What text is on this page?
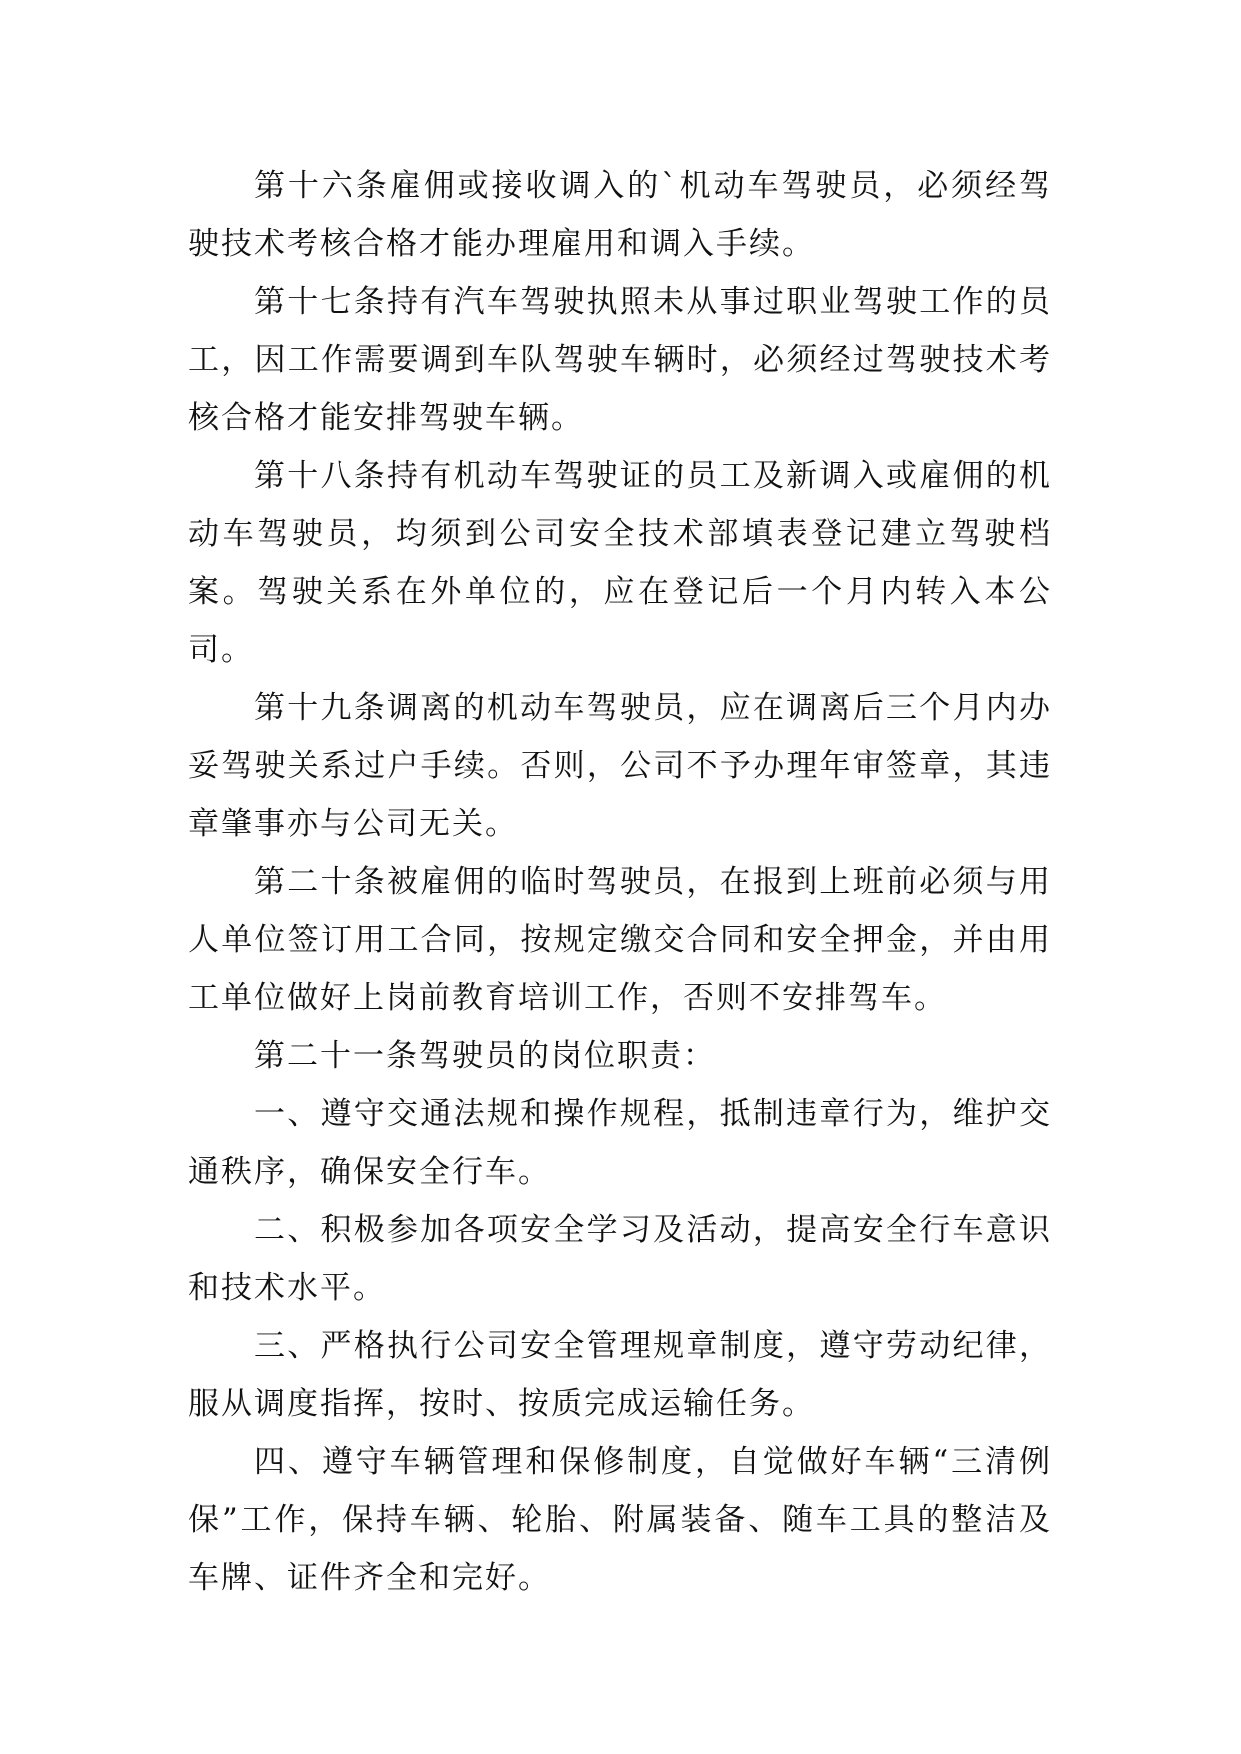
第十六条雇佣或接收调入的`机动车驾驶员，必须经驾驶技术考核合格才能办理雇用和调入手续。

第十七条持有汽车驾驶执照未从事过职业驾驶工作的员工，因工作需要调到车队驾驶车辆时，必须经过驾驶技术考核合格才能安排驾驶车辆。

第十八条持有机动车驾驶证的员工及新调入或雇佣的机动车驾驶员，均须到公司安全技术部填表登记建立驾驶档案。驾驶关系在外单位的，应在登记后一个月内转入本公司。

第十九条调离的机动车驾驶员，应在调离后三个月内办妥驾驶关系过户手续。否则，公司不予办理年审签章，其违章肇事亦与公司无关。

第二十条被雇佣的临时驾驶员，在报到上班前必须与用人单位签订用工合同，按规定缴交合同和安全押金，并由用工单位做好上岗前教育培训工作，否则不安排驾车。

第二十一条驾驶员的岗位职责：

一、遵守交通法规和操作规程，抵制违章行为，维护交通秩序，确保安全行车。

二、积极参加各项安全学习及活动，提高安全行车意识和技术水平。

三、严格执行公司安全管理规章制度，遵守劳动纪律，服从调度指挥，按时、按质完成运输任务。

四、遵守车辆管理和保修制度，自觉做好车辆“三清例保”工作，保持车辆、轮胎、附属装备、随车工具的整洁及车牌、证件齐全和完好。
